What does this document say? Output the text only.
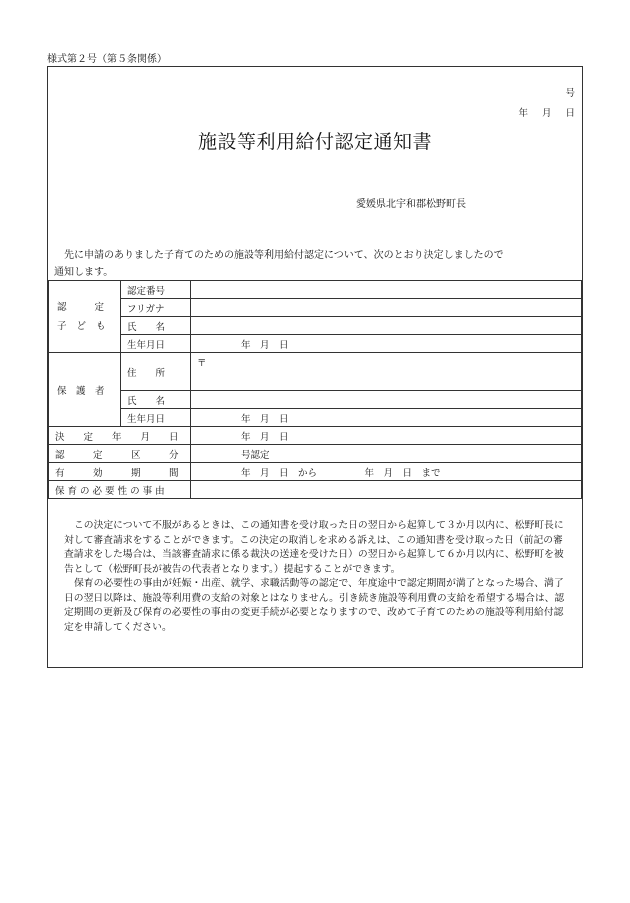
様式第２号（第５条関係）
号
年 月 日
施設等利用給付認定通知書
愛媛県北宇和郡松野町長
先に申請のありました子育てのための施設等利用給付認定について、次のとおり決定しましたので
通知します。
認 定
子 ど も	認定番号	
	フリガナ	
	氏　　名	
	生年月日	年　月　日
保　護　者	住　　所	〒
	氏　　名	
	生年月日	年　月　日
決　　定　　年　　月　　日		年　月　日
認　　　定　　　区　　　分		号認定
有　　　効　　　期　　　間		年　月　日　から　　　　　年　月　日　まで
保 育 の 必 要 性 の 事 由		

この決定について不服があるときは、この通知書を受け取った日の翌日から起算して３か月以内に、松野町長に対して審査請求をすることができます。この決定の取消しを求める訴えは、この通知書を受け取った日（前記の審査請求をした場合は、当該審査請求に係る裁決の送達を受けた日）の翌日から起算して６か月以内に、松野町を被告として（松野町長が被告の代表者となります。）提起することができます。

保育の必要性の事由が妊娠・出産、就学、求職活動等の認定で、年度途中で認定期間が満了となった場合、満了日の翌日以降は、施設等利用費の支給の対象とはなりません。引き続き施設等利用費の支給を希望する場合は、認定期間の更新及び保育の必要性の事由の変更手続が必要となりますので、改めて子育てのための施設等利用給付認定を申請してください。
